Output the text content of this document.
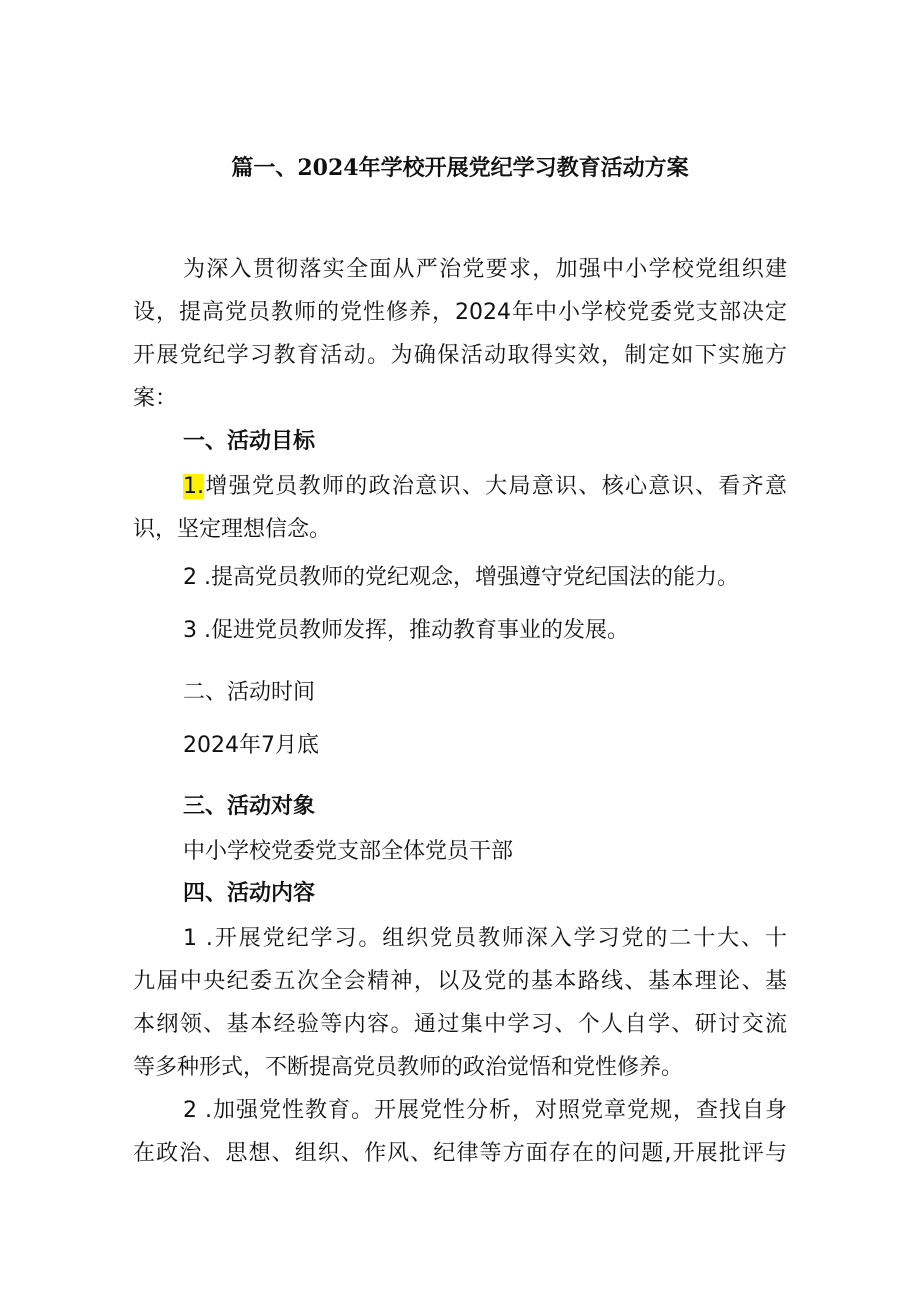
篇一、2024年学校开展党纪学习教育活动方案
为深入贯彻落实全面从严治党要求，加强中小学校党组织建
设，提高党员教师的党性修养，2024年中小学校党委党支部决定
开展党纪学习教育活动。为确保活动取得实效，制定如下实施方
案：
一、活动目标
1.增强党员教师的政治意识、大局意识、核心意识、看齐意
识，坚定理想信念。
2 .提高党员教师的党纪观念，增强遵守党纪国法的能力。
3 .促进党员教师发挥，推动教育事业的发展。
二、活动时间
2024年7月底
三、活动对象
中小学校党委党支部全体党员干部
四、活动内容
1 .开展党纪学习。组织党员教师深入学习党的二十大、十
九届中央纪委五次全会精神，以及党的基本路线、基本理论、基
本纲领、基本经验等内容。通过集中学习、个人自学、研讨交流
等多种形式，不断提高党员教师的政治觉悟和党性修养。
2 .加强党性教育。开展党性分析，对照党章党规，查找自身
在政治、思想、组织、作风、纪律等方面存在的问题,开展批评与
